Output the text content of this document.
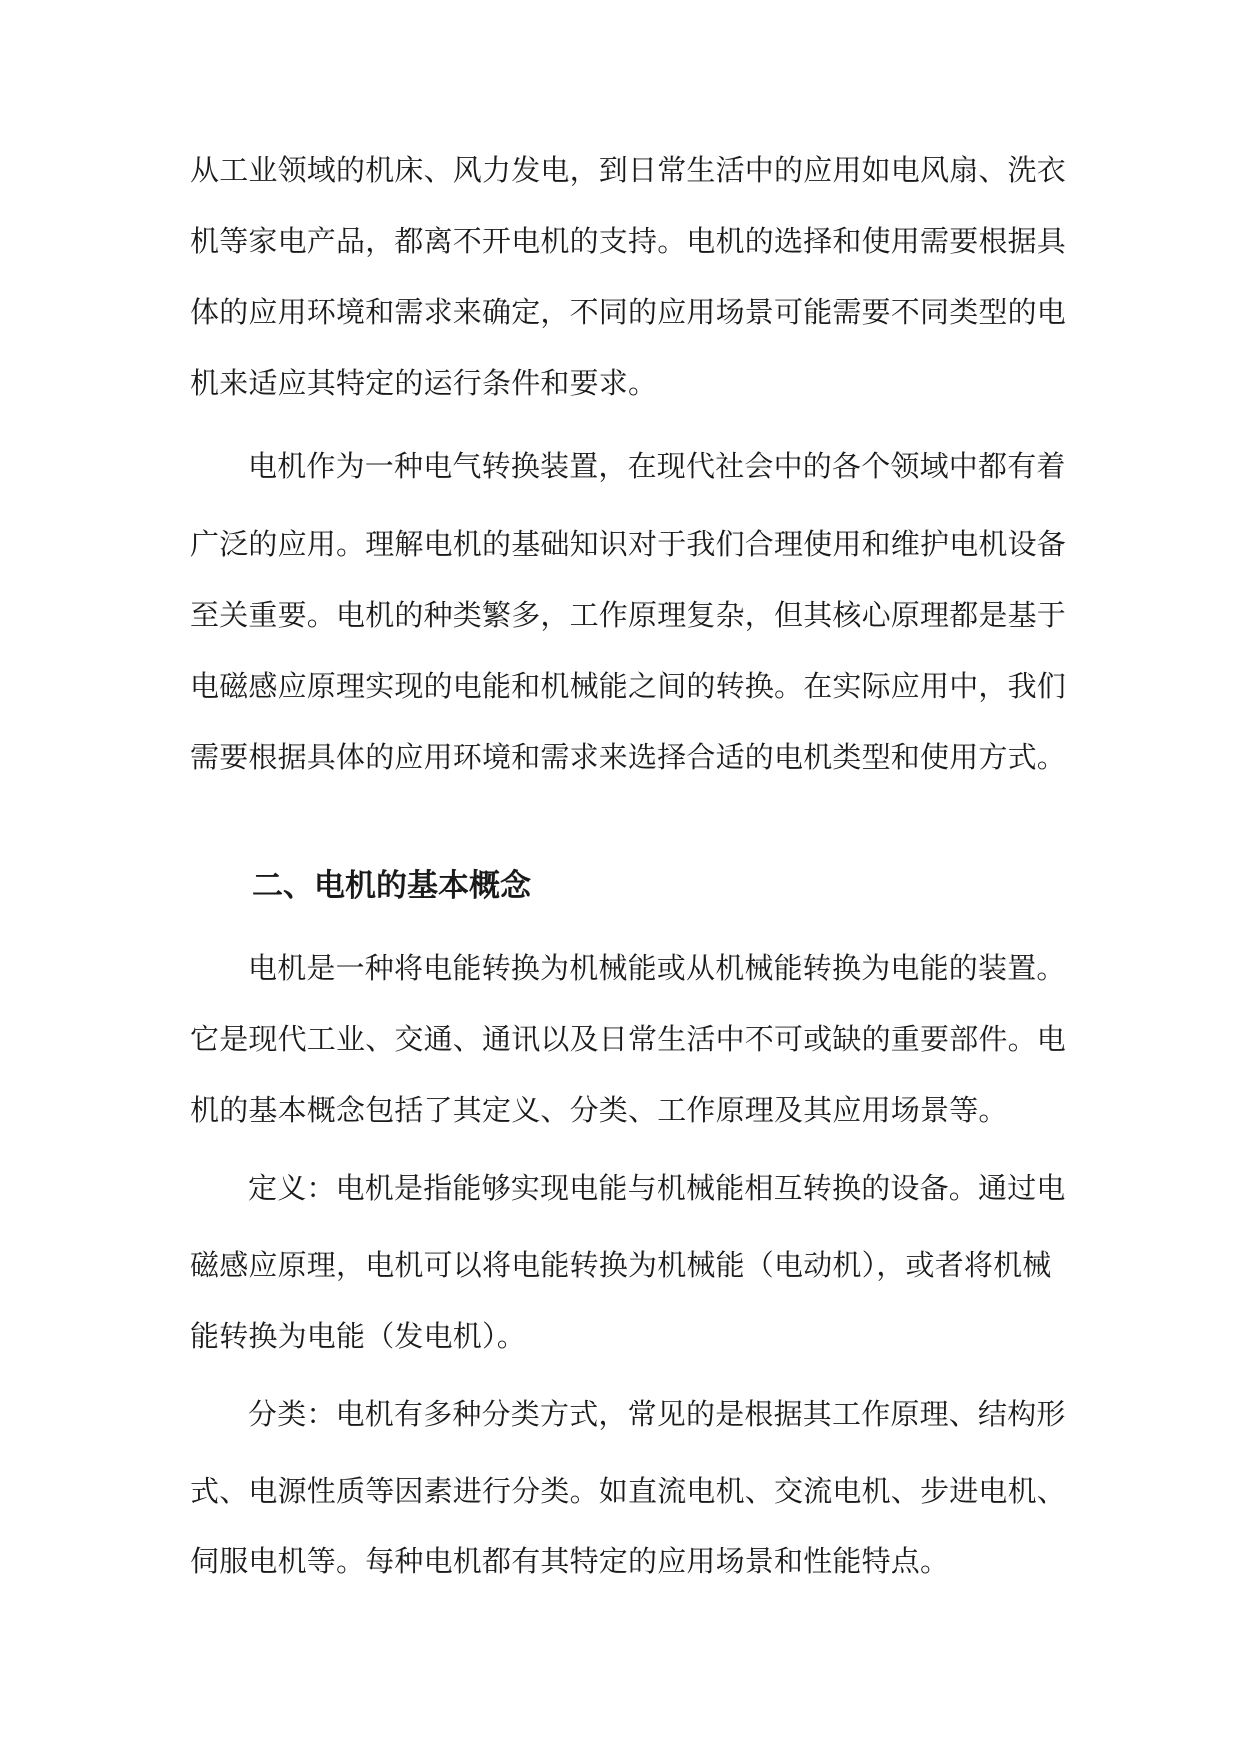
从工业领域的机床、风力发电，到日常生活中的应用如电风扇、洗衣
机等家电产品，都离不开电机的支持。电机的选择和使用需要根据具
体的应用环境和需求来确定，不同的应用场景可能需要不同类型的电
机来适应其特定的运行条件和要求。
电机作为一种电气转换装置，在现代社会中的各个领域中都有着
广泛的应用。理解电机的基础知识对于我们合理使用和维护电机设备
至关重要。电机的种类繁多，工作原理复杂，但其核心原理都是基于
电磁感应原理实现的电能和机械能之间的转换。在实际应用中，我们
需要根据具体的应用环境和需求来选择合适的电机类型和使用方式。
二、电机的基本概念
电机是一种将电能转换为机械能或从机械能转换为电能的装置。
它是现代工业、交通、通讯以及日常生活中不可或缺的重要部件。电
机的基本概念包括了其定义、分类、工作原理及其应用场景等。
定义：电机是指能够实现电能与机械能相互转换的设备。通过电
磁感应原理，电机可以将电能转换为机械能（电动机），或者将机械
能转换为电能（发电机）。
分类：电机有多种分类方式，常见的是根据其工作原理、结构形
式、电源性质等因素进行分类。如直流电机、交流电机、步进电机、
伺服电机等。每种电机都有其特定的应用场景和性能特点。
